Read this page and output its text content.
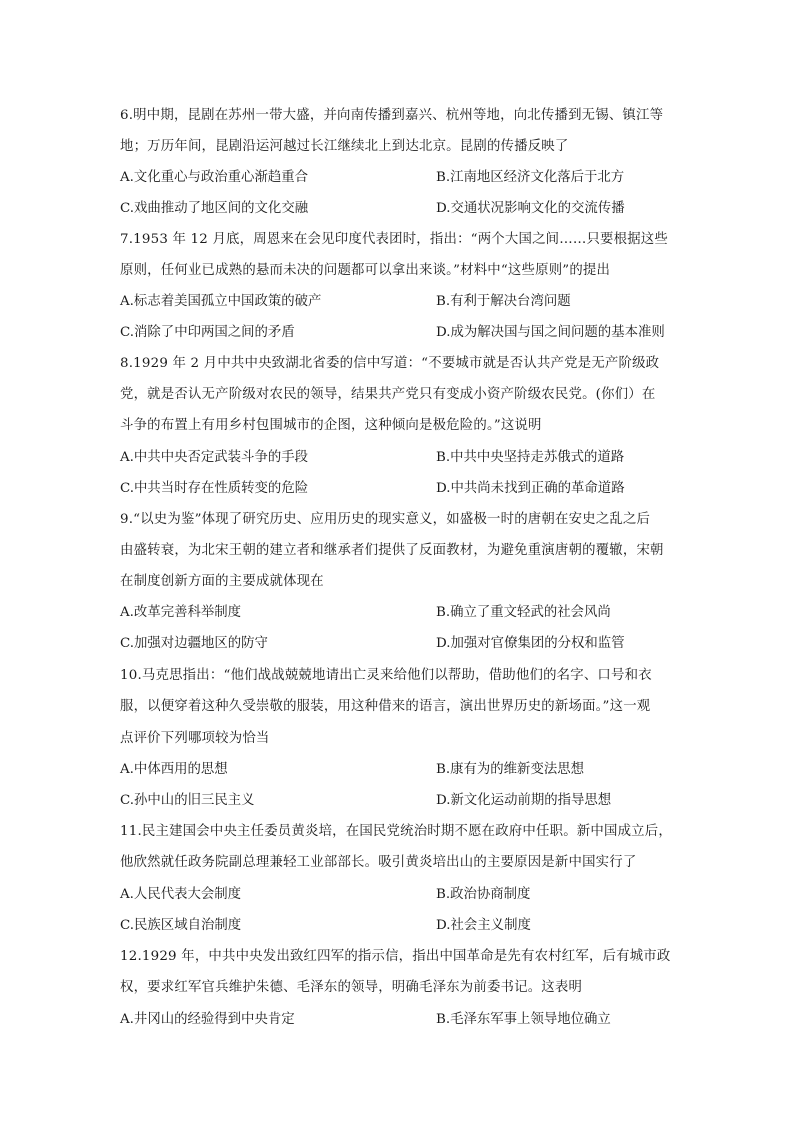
6.明中期，昆剧在苏州一带大盛，并向南传播到嘉兴、杭州等地，向北传播到无锡、镇江等
地；万历年间，昆剧沿运河越过长江继续北上到达北京。昆剧的传播反映了
A.文化重心与政治重心渐趋重合	B.江南地区经济文化落后于北方
C.戏曲推动了地区间的文化交融	D.交通状况影响文化的交流传播
7.1953 年 12 月底，周恩来在会见印度代表团时，指出：“两个大国之间……只要根据这些
原则，任何业已成熟的悬而未决的问题都可以拿出来谈。”材料中“这些原则”的提出
A.标志着美国孤立中国政策的破产	B.有利于解决台湾问题
C.消除了中印两国之间的矛盾	D.成为解决国与国之间问题的基本准则
8.1929 年 2 月中共中央致湖北省委的信中写道：“不要城市就是否认共产党是无产阶级政
党，就是否认无产阶级对农民的领导，结果共产党只有变成小资产阶级农民党。(你们）在
斗争的布置上有用乡村包围城市的企图，这种倾向是极危险的。”这说明
A.中共中央否定武装斗争的手段	B.中共中央坚持走苏俄式的道路
C.中共当时存在性质转变的危险	D.中共尚未找到正确的革命道路
9.“以史为鉴”体现了研究历史、应用历史的现实意义，如盛极一时的唐朝在安史之乱之后
由盛转衰，为北宋王朝的建立者和继承者们提供了反面教材，为避免重演唐朝的覆辙，宋朝
在制度创新方面的主要成就体现在
A.改革完善科举制度	B.确立了重文轻武的社会风尚
C.加强对边疆地区的防守	D.加强对官僚集团的分权和监管
10.马克思指出：“他们战战兢兢地请出亡灵来给他们以帮助，借助他们的名字、口号和衣
服，以便穿着这种久受崇敬的服装，用这种借来的语言，演出世界历史的新场面。”这一观
点评价下列哪项较为恰当
A.中体西用的思想	B.康有为的维新变法思想
C.孙中山的旧三民主义	D.新文化运动前期的指导思想
11.民主建国会中央主任委员黄炎培，在国民党统治时期不愿在政府中任职。新中国成立后，
他欣然就任政务院副总理兼轻工业部部长。吸引黄炎培出山的主要原因是新中国实行了
A.人民代表大会制度	B.政治协商制度
C.民族区域自治制度	D.社会主义制度
12.1929 年，中共中央发出致红四军的指示信，指出中国革命是先有农村红军，后有城市政
权，要求红军官兵维护朱德、毛泽东的领导，明确毛泽东为前委书记。这表明
A.井冈山的经验得到中央肯定	B.毛泽东军事上领导地位确立
